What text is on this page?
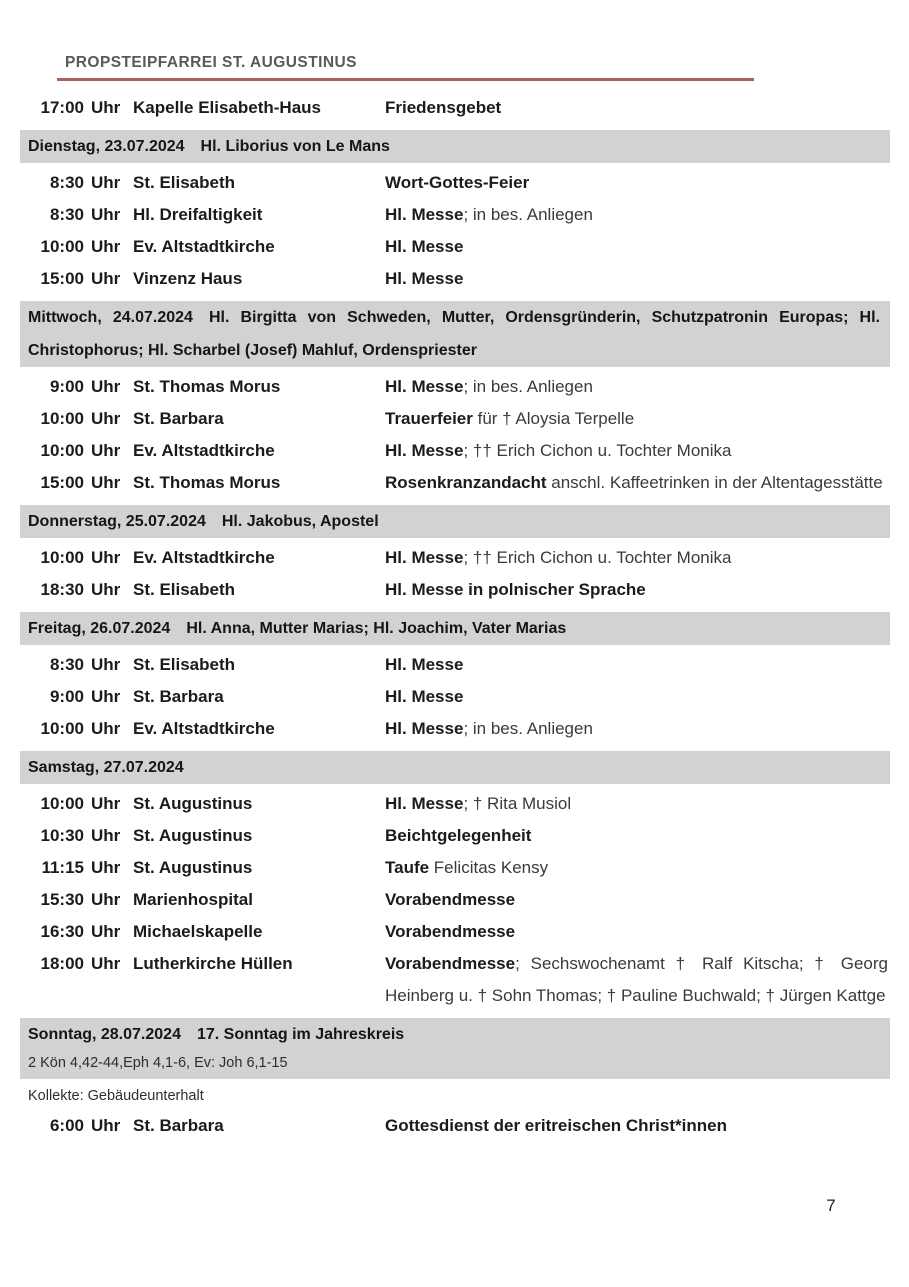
PROPSTEIPFARREI ST. AUGUSTINUS
17:00 Uhr Kapelle Elisabeth-Haus	Friedensgebet
Dienstag, 23.07.2024 Hl. Liborius von Le Mans
8:30 Uhr St. Elisabeth	Wort-Gottes-Feier
8:30 Uhr Hl. Dreifaltigkeit	Hl. Messe; in bes. Anliegen
10:00 Uhr Ev. Altstadtkirche	Hl. Messe
15:00 Uhr Vinzenz Haus	Hl. Messe
Mittwoch, 24.07.2024 Hl. Birgitta von Schweden, Mutter, Ordensgründerin, Schutzpatronin Europas; Hl. Christophorus; Hl. Scharbel (Josef) Mahluf, Ordenspriester
9:00 Uhr St. Thomas Morus	Hl. Messe; in bes. Anliegen
10:00 Uhr St. Barbara	Trauerfeier für † Aloysia Terpelle
10:00 Uhr Ev. Altstadtkirche	Hl. Messe; †† Erich Cichon u. Tochter Monika
15:00 Uhr St. Thomas Morus	Rosenkranzandacht anschl. Kaffeetrinken in der Altentagesstätte
Donnerstag, 25.07.2024 Hl. Jakobus, Apostel
10:00 Uhr Ev. Altstadtkirche	Hl. Messe; †† Erich Cichon u. Tochter Monika
18:30 Uhr St. Elisabeth	Hl. Messe in polnischer Sprache
Freitag, 26.07.2024 Hl. Anna, Mutter Marias; Hl. Joachim, Vater Marias
8:30 Uhr St. Elisabeth	Hl. Messe
9:00 Uhr St. Barbara	Hl. Messe
10:00 Uhr Ev. Altstadtkirche	Hl. Messe; in bes. Anliegen
Samstag, 27.07.2024
10:00 Uhr St. Augustinus	Hl. Messe; † Rita Musiol
10:30 Uhr St. Augustinus	Beichtgelegenheit
11:15 Uhr St. Augustinus	Taufe Felicitas Kensy
15:30 Uhr Marienhospital	Vorabendmesse
16:30 Uhr Michaelskapelle	Vorabendmesse
18:00 Uhr Lutherkirche Hüllen	Vorabendmesse; Sechswochenamt † Ralf Kitscha; † Georg Heinberg u. † Sohn Thomas; † Pauline Buchwald; † Jürgen Kattge
Sonntag, 28.07.2024 17. Sonntag im Jahreskreis
2 Kön 4,42-44,Eph 4,1-6, Ev: Joh 6,1-15
Kollekte: Gebäudeunterhalt
6:00 Uhr St. Barbara	Gottesdienst der eritreischen Christ*innen
7
